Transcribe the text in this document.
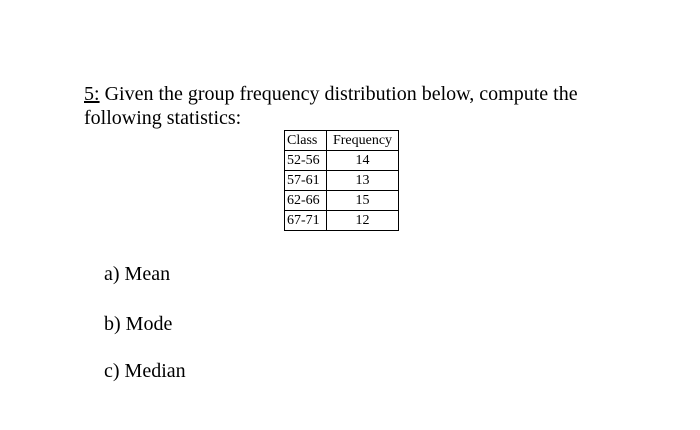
5: Given the group frequency distribution below, compute the following statistics:
Class	Frequency
52-56	14
57-61	13
62-66	15
67-71	12
a) Mean
b) Mode
c) Median
